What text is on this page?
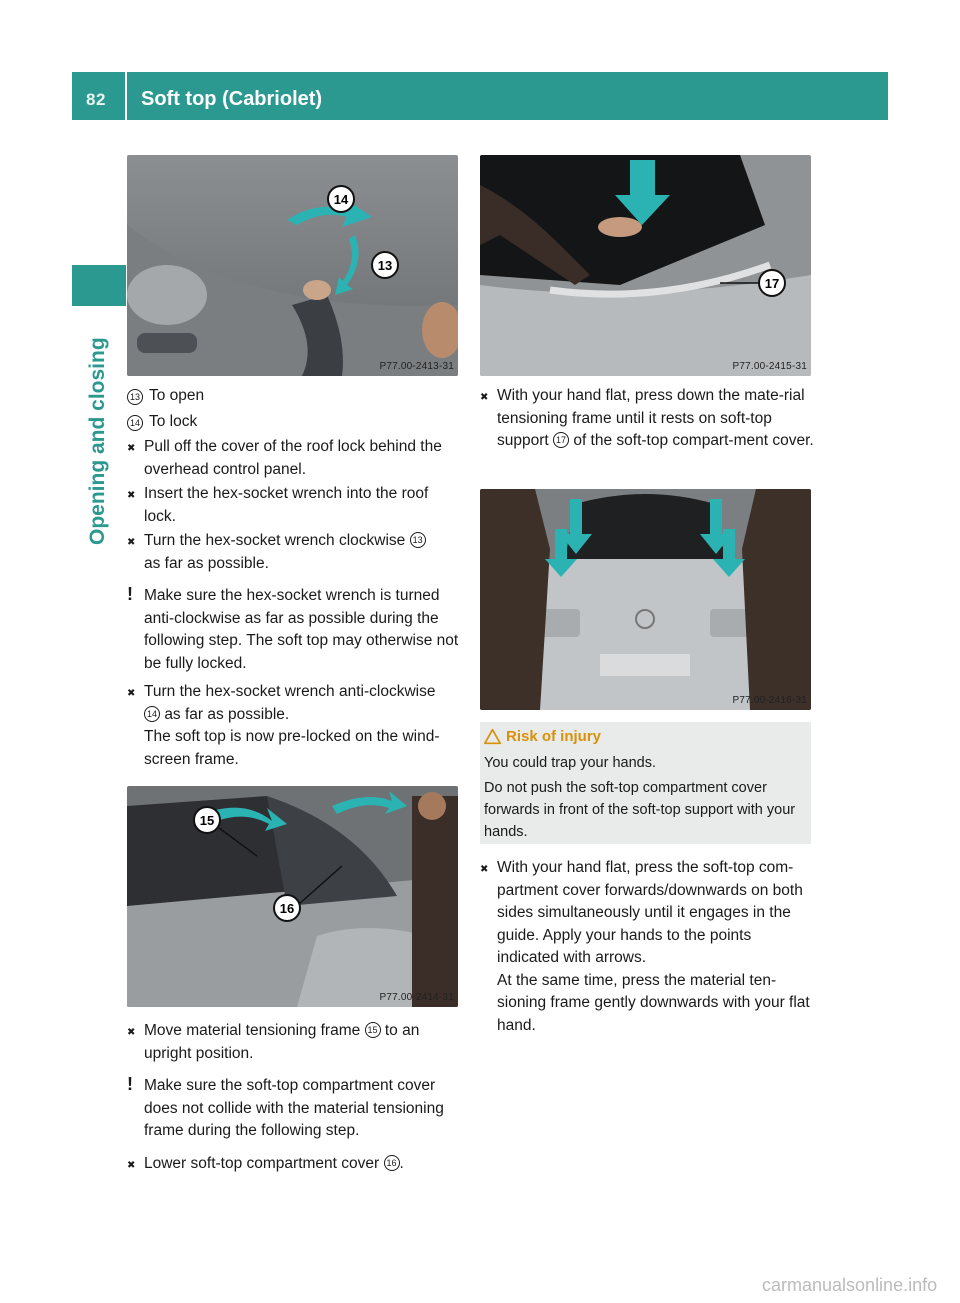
82 Soft top (Cabriolet)
Opening and closing
14
13
P77.00-2413-31
13 To open
14 To lock

✖
Pull off the cover of the roof lock behind the overhead control panel.

✖
Insert the hex-socket wrench into the roof lock.

✖
Turn the hex-socket wrench clockwise 13
as far as possible.

! Make sure the hex-socket wrench is turned anti-clockwise as far as possible during the following step. The soft top may otherwise not be fully locked.

✖
Turn the hex-socket wrench anti-clockwise
14 as far as possible.
The soft top is now pre-locked on the wind-screen frame.

15
16
P77.00-2414-31

✖
Move material tensioning frame 15 to an upright position.

! Make sure the soft-top compartment cover does not collide with the material tensioning frame during the following step.

✖
Lower soft-top compartment cover 16 .

17
P77.00-2415-31

✖
With your hand flat, press down the mate-rial tensioning frame until it rests on soft-top support 17 of the soft-top compart-ment cover.

P77.00-2416-31
Risk of injury
You could trap your hands.
Do not push the soft-top compartment cover forwards in front of the soft-top support with your hands.

✖
With your hand flat, press the soft-top com-partment cover forwards/downwards on both sides simultaneously until it engages in the guide. Apply your hands to the points indicated with arrows.
At the same time, press the material ten-sioning frame gently downwards with your flat hand.

carmanualsonline.info
